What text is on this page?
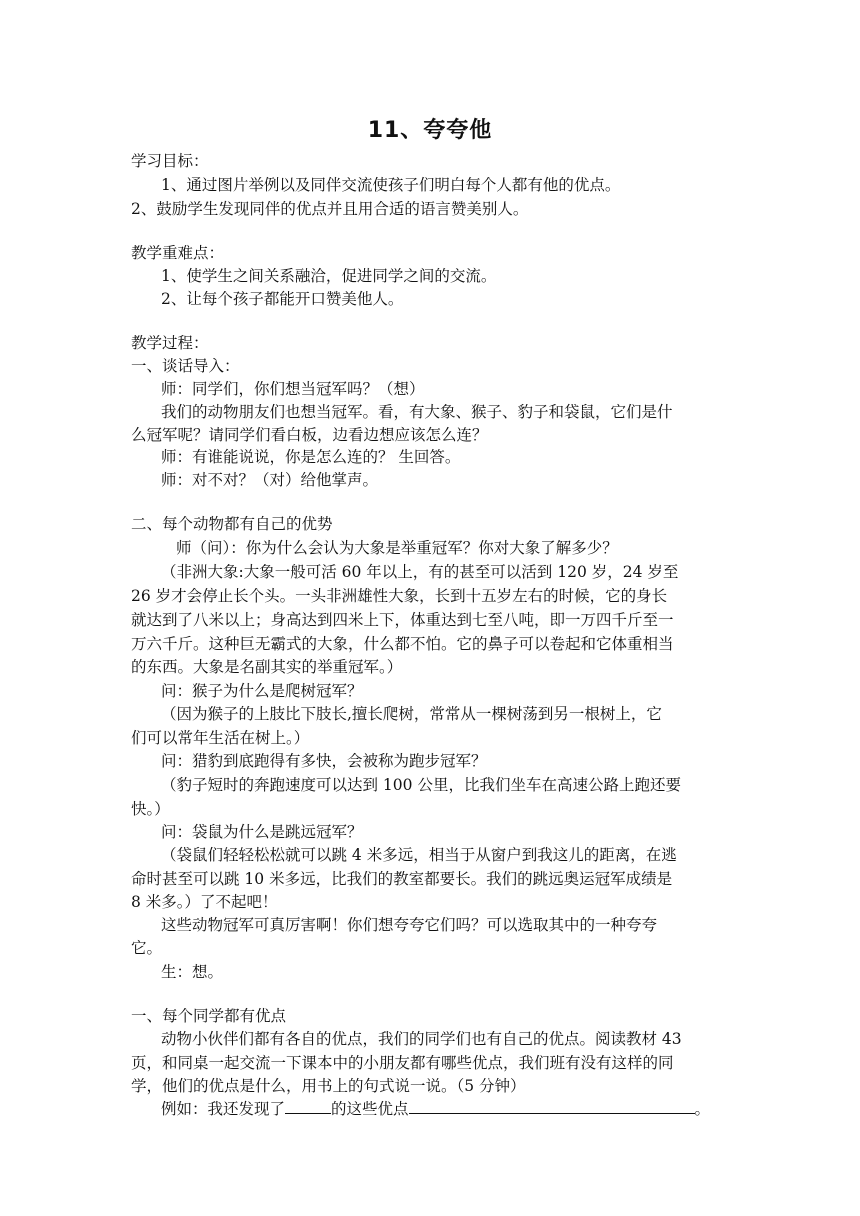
11、夸夸他
学习目标：
1、通过图片举例以及同伴交流使孩子们明白每个人都有他的优点。
2、鼓励学生发现同伴的优点并且用合适的语言赞美别人。
教学重难点：
1、使学生之间关系融洽，促进同学之间的交流。
2、让每个孩子都能开口赞美他人。
教学过程：
一、谈话导入：
师：同学们，你们想当冠军吗？（想）
我们的动物朋友们也想当冠军。看，有大象、猴子、豹子和袋鼠，它们是什
么冠军呢？请同学们看白板，边看边想应该怎么连？
师：有谁能说说，你是怎么连的？ 生回答。
师：对不对？（对）给他掌声。
二、每个动物都有自己的优势
师（问）：你为什么会认为大象是举重冠军？你对大象了解多少？
（非洲大象:大象一般可活 60 年以上，有的甚至可以活到 120 岁，24 岁至
26 岁才会停止长个头。一头非洲雄性大象，长到十五岁左右的时候，它的身长
就达到了八米以上；身高达到四米上下，体重达到七至八吨，即一万四千斤至一
万六千斤。这种巨无霸式的大象，什么都不怕。它的鼻子可以卷起和它体重相当
的东西。大象是名副其实的举重冠军。）
问：猴子为什么是爬树冠军？
（因为猴子的上肢比下肢长,擅长爬树，常常从一棵树荡到另一根树上，它
们可以常年生活在树上。）
问：猎豹到底跑得有多快，会被称为跑步冠军？
（豹子短时的奔跑速度可以达到 100 公里，比我们坐车在高速公路上跑还要
快。）
问：袋鼠为什么是跳远冠军？
（袋鼠们轻轻松松就可以跳 4 米多远，相当于从窗户到我这儿的距离，在逃
命时甚至可以跳 10 米多远，比我们的教室都要长。我们的跳远奥运冠军成绩是
8 米多。）了不起吧！
这些动物冠军可真厉害啊！你们想夸夸它们吗？可以选取其中的一种夸夸
它。
生：想。
一、每个同学都有优点
动物小伙伴们都有各自的优点，我们的同学们也有自己的优点。阅读教材 43
页，和同桌一起交流一下课本中的小朋友都有哪些优点，我们班有没有这样的同
学，他们的优点是什么，用书上的句式说一说。（5 分钟）
例如：我还发现了	的这些优点	。
